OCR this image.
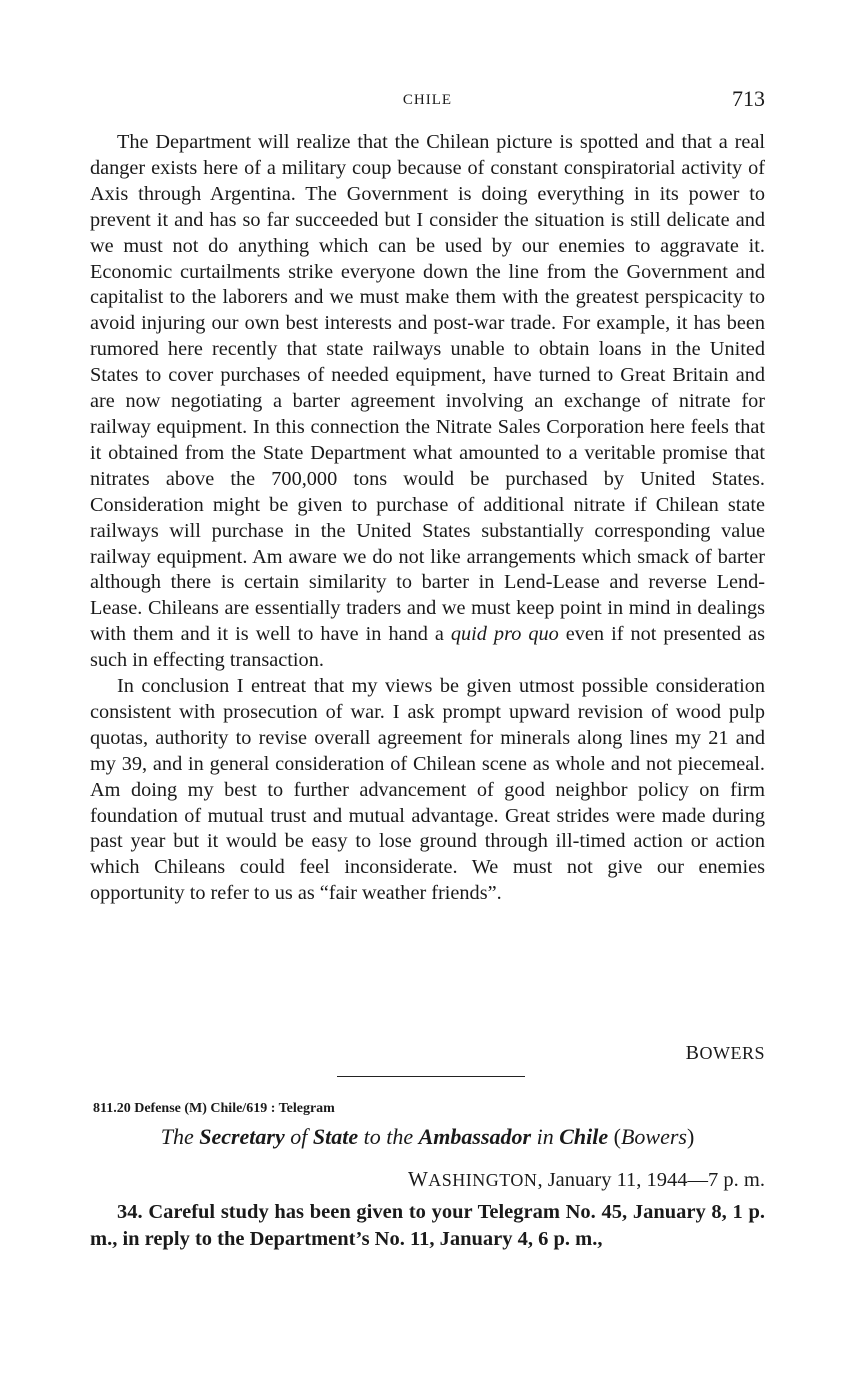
CHILE	713

The Department will realize that the Chilean picture is spotted and that a real danger exists here of a military coup because of constant conspiratorial activity of Axis through Argentina. The Government is doing everything in its power to prevent it and has so far succeeded but I consider the situation is still delicate and we must not do anything which can be used by our enemies to aggravate it. Economic curtailments strike everyone down the line from the Government and capitalist to the laborers and we must make them with the greatest perspicacity to avoid injuring our own best interests and post-war trade. For example, it has been rumored here recently that state railways unable to obtain loans in the United States to cover purchases of needed equipment, have turned to Great Britain and are now negotiating a barter agreement involving an exchange of nitrate for railway equipment. In this connection the Nitrate Sales Corporation here feels that it obtained from the State Department what amounted to a veritable promise that nitrates above the 700,000 tons would be purchased by United States. Consideration might be given to purchase of additional nitrate if Chilean state railways will purchase in the United States substantially corresponding value railway equipment. Am aware we do not like arrangements which smack of barter although there is certain similarity to barter in Lend-Lease and reverse Lend-Lease. Chileans are essentially traders and we must keep point in mind in dealings with them and it is well to have in hand a quid pro quo even if not presented as such in effecting transaction.

In conclusion I entreat that my views be given utmost possible consideration consistent with prosecution of war. I ask prompt upward revision of wood pulp quotas, authority to revise overall agreement for minerals along lines my 21 and my 39, and in general consideration of Chilean scene as whole and not piecemeal. Am doing my best to further advancement of good neighbor policy on firm foundation of mutual trust and mutual advantage. Great strides were made during past year but it would be easy to lose ground through ill-timed action or action which Chileans could feel inconsiderate. We must not give our enemies opportunity to refer to us as “fair weather friends”.

BOWERS
811.20 Defense (M) Chile/619 : Telegram
The Secretary of State to the Ambassador in Chile (Bowers)
WASHINGTON, January 11, 1944—7 p. m.

34. Careful study has been given to your Telegram No. 45, January 8, 1 p. m., in reply to the Department’s No. 11, January 4, 6 p. m.,
